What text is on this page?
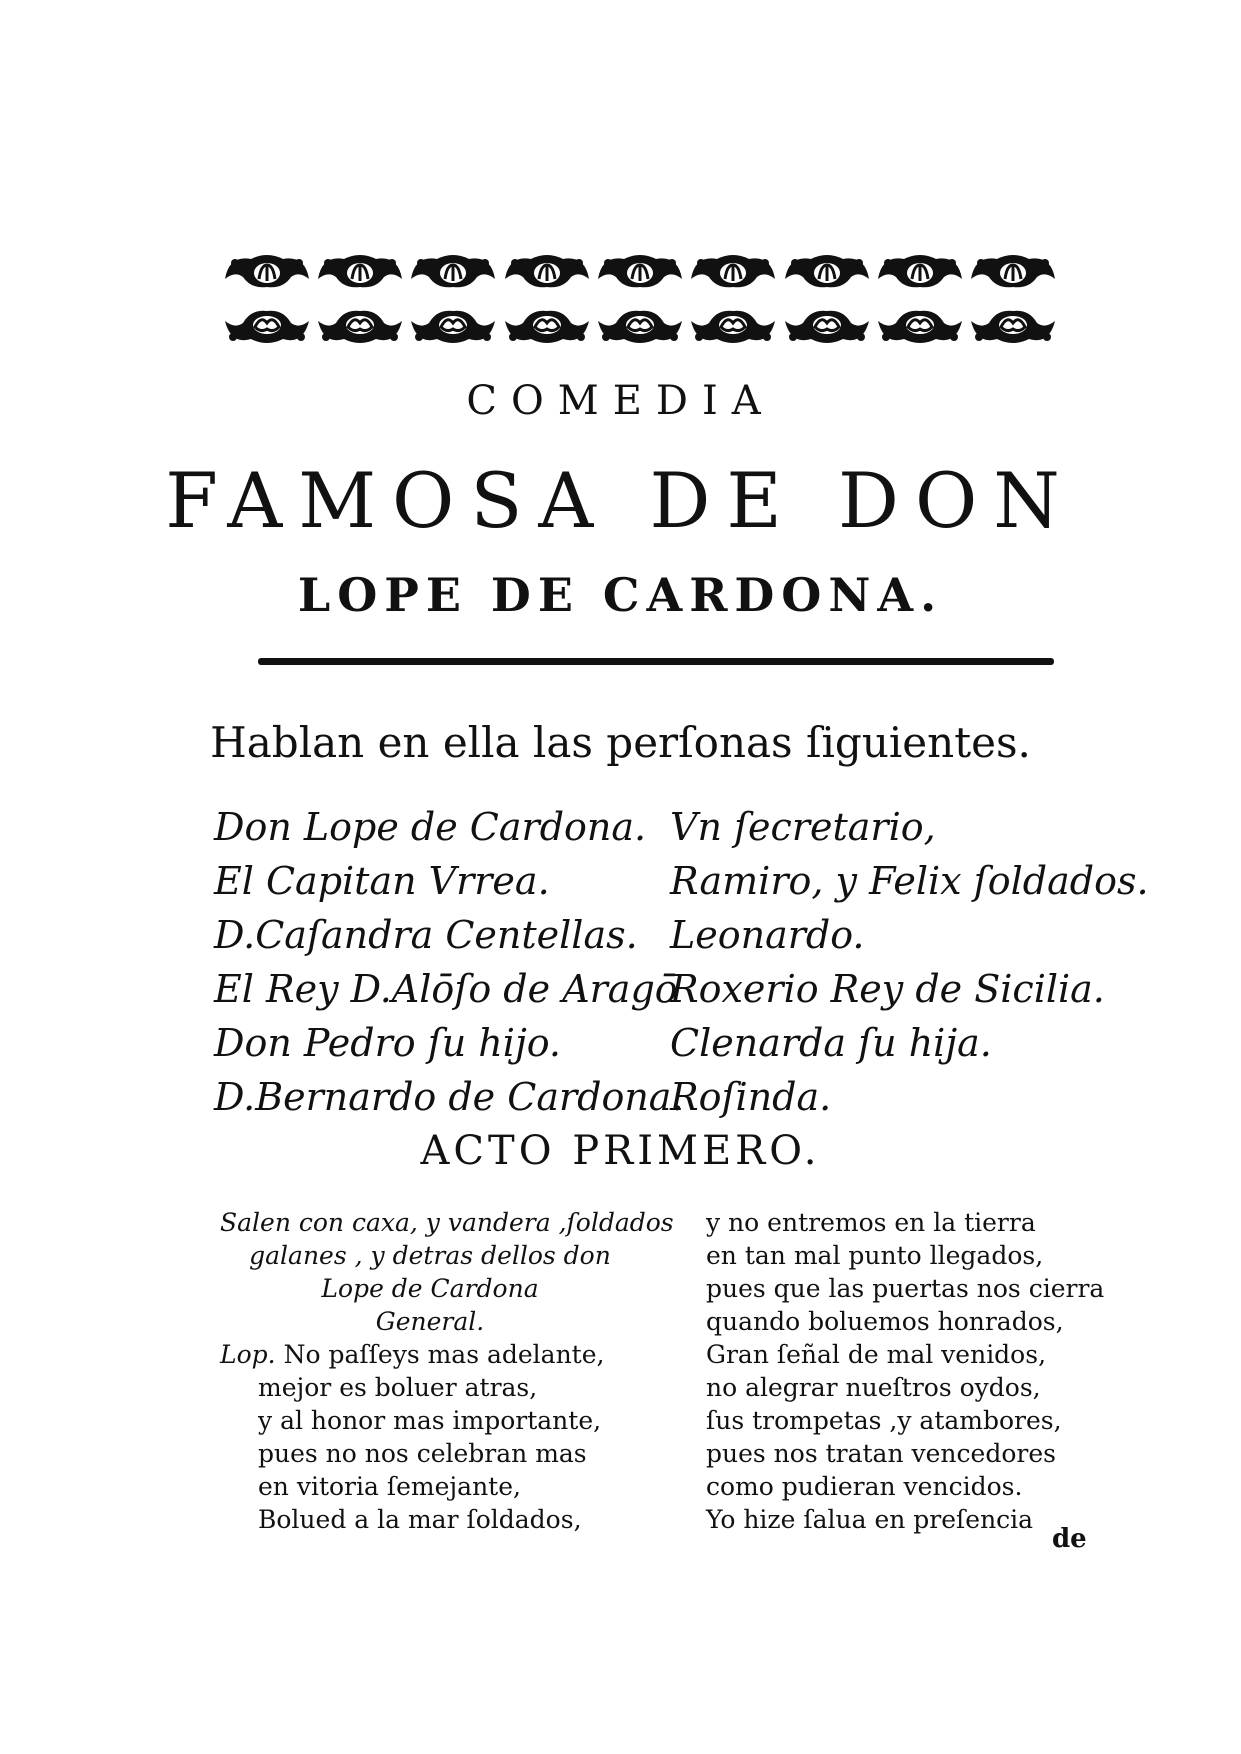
COMEDIA
FAMOSA DE DON
LOPE DE CARDONA.
Hablan en ella las perſonas ſiguientes.
Don Lope de Cardona.
El Capitan Vrrea.
D.Caſandra Centellas.
El Rey D.Alōſo de Aragō
Don Pedro ſu hijo.
D.Bernardo de Cardona.
Vn ſecretario,
Ramiro, y Felix ſoldados.
Leonardo.
Roxerio Rey de Sicilia.
Clenarda ſu hija.
Roſinda.
ACTO PRIMERO.
Salen con caxa, y vandera ,ſoldados
galanes , y detras dellos don
Lope de Cardona
General.
Lop. No paſſeys mas adelante,
mejor es boluer atras,
y al honor mas importante,
pues no nos celebran mas
en vitoria ſemejante,
Bolued a la mar ſoldados,
y no entremos en la tierra
en tan mal punto llegados,
pues que las puertas nos cierra
quando boluemos honrados,
Gran ſeñal de mal venidos,
no alegrar nueſtros oydos,
ſus trompetas ,y atambores,
pues nos tratan vencedores
como pudieran vencidos.
Yo hize ſalua en preſencia
de
